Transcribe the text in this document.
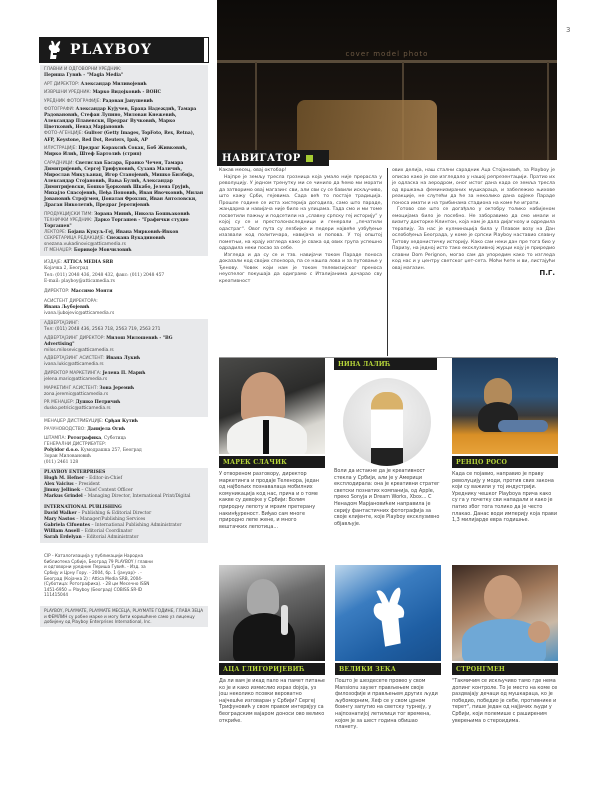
3
PLAYBOY
ГЛАВНИ И ОДГОВОРНИ УРЕДНИК:
Периша Гувић - "Magia Media"
АРТ ДИРЕКТОР: Александар Миливојевић
ИЗВРШНИ УРЕДНИК: Марко Видојковић - ВОНС
УРЕДНИК ФОТОГРАФИЈЕ: Радован Јанушевић
ФОТОГРАФИ: Александар Кујучев, Браца Надеждић, Тамара Радовановић, Стефан Лупино, Милован Кнежевић, Александар Плавевски, Предраг Вучковић, Марко Цветковић, Ненад Марјановић
ФОТО-АГЕНЦИЈЕ: Guliver (Getty Images, TopFoto, Rex, Retna), AFP, Keystone, Red Dot, Reuters, Ipak, AP
ИЛУСТРАЦИЈЕ: Предраг Кораксић Сокак, Боб Живковић, Мирко Илић, Штеф Бартолић (стрип)
САРАДНИЦИ: Светислав Басара, Бранко Чечен, Тамара Димитријевић, Сергеј Трифуновић, Сузана Маличић, Мирослав Микуљанац, Игор Станојевић, Мишко Билбија, Александар Стојановић, Вања Булић, Александар Димитријевски, Бошко Ђорковић Шкабо, Јелена Грујић, Михајло Спасојевић, Пеђа Поповић, Иван Ивочковић, Милан Јовановић Стројгмен, Џонатан Фрохлих, Иван Антоловски, Драган Николетић, Предраг Јеротијевић
ПРОДУКЦИЈСКИ ТИМ: Зорана Минић, Никола Бошњаковић
ТЕХНИЧКИ УРЕДНИК: Дарко Торгашев - "Графички студио Торгашев"
ЛЕКТОРЕ: Бојана Кукуљ-Геј, Ивана Мирковић-Ивков
СЕКРЕТАРИЦА РЕДАКЦИЈЕ: Снежана Вукадиновић
snezana.vukadinovic@atticamedia.rs
IT МЕНАЏЕР: Боривоје Мовчиловић
ИЗДАЈЕ: ATTICA MEDIA SRB
Којачка 2, Београд
Тел: (011) 2048 436, 2048 432, факс: (011) 2048 457
E-mail: playboy@atticamedia.rs
ДИРЕКТОР: Массимо Монти
АСИСТЕНТ ДИРЕКТОРА:
Ивана Љубојевић
ivana.ljubojevic@atticamedia.rs
АДВЕРТАЈЗИНГ:
Тел: (011) 2048 436, 2563 718, 2563 719, 2563 271
АДВЕРТАЈЗИНГ ДИРЕКТОР: Милош Милошевић - "BG Advertising"
milos.milosevic@atticamedia.rs
АДВЕРТАЈЗИНГ АСИСТЕНТ: Ивана Лукић
ivana.lukic@atticamedia.rs
ДИРЕКТОР МАРКЕТИНГА: Јелена П. Марић
jelena.maric@atticamedia.rs
МАРКЕТИНГ АСИСТЕНТ: Зона Јеремић
zona.jeremic@atticamedia.rs
PR МЕНАЏЕР: Душко Петричић
dusko.petricic@atticamedia.rs
МЕНАЏЕР ДИСТРИБУЦИЈЕ: Срђан Кутић
РАЧУНОВОДСТВО: Данијела Огић
ШТАМПА: Ротографика, Суботица
ГЕНЕРАЛНИ ДИСТРИБУТЕР:
Polyidor d.o.o. Кумодрашка 257, Београд
Зоран Миловановић
(011) 2461 128
PLAYBOY ENTERPRISES
Hugh M. Hefner – Editor-in-Chief
Alex Vaicius – President
Jimmy Jellinek – Chief Content Officer
Markus Grindel – Managing Director, International Print/Digital
INTERNATIONAL PUBLISHING
David Walker – Publishing & Editorial Director
Mary Nastos – Manager/Publishing Services
Gabriela Cifuentes – International Publishing Administrator
William Ansell – Editorial Coordinator
Sarah Erdelyan – Editorial Administrator
CIP - Каталогизација у публикацији Народна библиотека Србије, Београд 79 PLAYBOY / главни и одговорни уредник Периша Гувић. - Изд. за Србију и Црну Гору. - 2004, бр. 1 (јануар)- . - Београд (Којачка 2) : Attica Media SRB, 2004- (Суботица: Ротографика). - 28 цм Месечно ISSN 1451-6950 = Playboy (Београд) COBISS.SR-ID 111415044
PLAYBOY, PLAYMATE, PLAYMATE МЕСЕЦА, PLAYMATE ГОДИНЕ, ГЛАВА ЗЕЦА и ФЕМЛИН су робне марке и могу бити коришћене само уз лиценцу добијену од Playboy Enterprises International, Inc.
cover model photo
НАВИГАТОР

Какав месец, овај октобар!

Најпре је земљу тресла грозница која умало није прерасла у револуцију. У једном тренутку ми се чинило да ћемо ми морати да затворимо овај магазин: сви, али сви су се бавили искључиво, што кажу Срби, гејевима. Сада већ то постаје традиција. Прошле године се иста хистерија догодила, само што параде, жандарма и навијача није било на улицама. Тада смо и ми томе посветили пажњу и подсетили на „славну српску геј историју“ у којој су се и престолонаследници и генерали „печатили одастраг“. Овог пута су лезбијке и педери највеће узбуђење изазвали код политичара, навијача и попова. У тој општој пометњи, на крају изгледа како је свака од ових група успешно одрадила неки посао за себе.

Изгледа и да су се и тзв. навијачи током Параде поноса доказали код својих спонзора, па се нашла лова и за путовање у Ђенову. Човек који нам је током телевизијског преноса неуспелог покушаја да одиграмо с Италијанима дочарао сву креативност

ових делија, наш стални сарадник Аца Стојановић, за Playboy је описао како је све изгледало у нашој репрезентацији. Пратио их је одласка на аеродром, оног истог дана када се земља тресла од вршкања феминизираних мушкараца, и забележио њихове реакције, не слутећи да ће за неколико дана одјеке Параде поноса имати и на трибинама стадиона на коме ће играти.

Готово све што се догађало у октобру толико набијеном емоцијама било је посебно. Не заборавимо да смо имали и визиту докторке Клинтон, која нам је дала дијагнозу и одредила терапију. За нас је кулминација била у Плавом возу на Дан ослобођења Београда, у коме је српски Playboy наставио славну Титову хедонистичку историју. Како сам неки дан пре тога био у Паризу, на једној исто тако ексклузивној журци коју је приредио славни Dom Perignon, могао сам да упоредим како то изгледа код нас и у центру светског џет-сета. Моћи ћете и ви, листајући овај магазин.

П.Г.
МАРЕК СЛАЧИК
У отвореном разговору, директор маркетинга и продаје Теленора, један од најбољих познавалаца мобилних комуникација код нас, прича и о томе какве су девојке у Србији: Волим природну лепоту и мрзим претерану накинђуреност. Виђао сам многе природно лепе жене, и много вештачких лепотица...
НИНА ЛАЛИЋ
Воли да истакне да је креативност стекла у Србији, али је у Америци експлодирала: она је креативни стратег светски познатих компанија, од Apple, преко Sonyja и Dream Works, Xbox... С Ненадом Марјановићем направила је серију фантастичних фотографија за своје клијенте, које Playboy ексклузивно објављује.
РЕНЦО РОСО
Када се појавио, направио је праву револуцију у моди, против свих закона који су важили у тој индустрији. Уреднику чешког Playboya прича како су га у почетку сви нападали и како је патио због тога толико да је често плакао. Данас води империју која прави 1,3 милијарде евра годишње.
АЦА ГЛИГОРИЈЕВИЋ
Да ли вам је икад пало на памет питање ко је и како измислио израз doјоја, уз још неколико псовки вероватно најчешће изговаран у Србији? Сергеј Трифуновић у свом правом интервјуу са београдским вајаром доноси ово велико откриће.
ВЕЛИКИ ЗЕКА
Пошто је шездесете провео у свом Mansionu заузет прављењем своје филозофије и прављењем других људи љубоморним, Хеф се у свом црном боингу запутио на светску турнеју, у најпознатијој летилици тог времена, којом је за шест година обишао планету.
СТРОНГМЕН
"Такмичим се искључиво тамо где нема допинг контроле. То је место на коме се раздвајају дечаци од мушкараца, ко је победио, победио је себе, противнике и терет", пише један од најјачих људи у Србији, који полемише с раширеним уверењима о стероидима.
